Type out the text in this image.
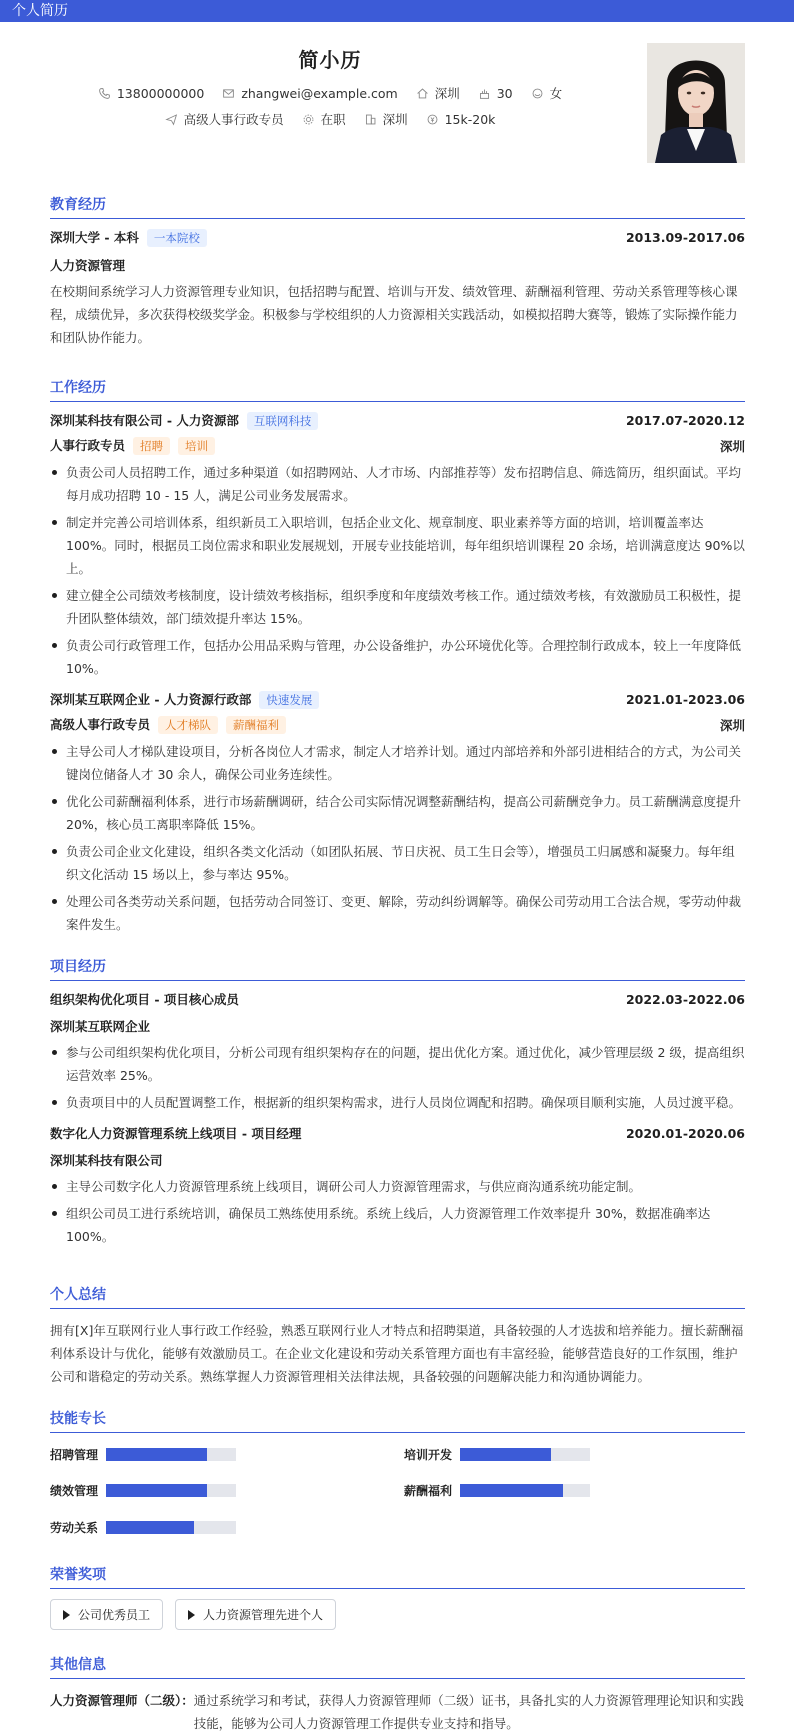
个人简历
简小历
13800000000	zhangwei@example.com	深圳	30	女
高级人事行政专员	在职	深圳	15k-20k
教育经历
深圳大学 - 本科 一本院校	2013.09-2017.06
人力资源管理
在校期间系统学习人力资源管理专业知识，包括招聘与配置、培训与开发、绩效管理、薪酬福利管理、劳动关系管理等核心课程，成绩优异，多次获得校级奖学金。积极参与学校组织的人力资源相关实践活动，如模拟招聘大赛等，锻炼了实际操作能力和团队协作能力。
工作经历
深圳某科技有限公司 - 人力资源部 互联网科技	2017.07-2020.12
人事行政专员 招聘 培训	深圳
负责公司人员招聘工作，通过多种渠道（如招聘网站、人才市场、内部推荐等）发布招聘信息、筛选简历，组织面试。平均每月成功招聘 10 - 15 人，满足公司业务发展需求。
制定并完善公司培训体系，组织新员工入职培训，包括企业文化、规章制度、职业素养等方面的培训，培训覆盖率达 100%。同时，根据员工岗位需求和职业发展规划，开展专业技能培训，每年组织培训课程 20 余场，培训满意度达 90%以上。
建立健全公司绩效考核制度，设计绩效考核指标，组织季度和年度绩效考核工作。通过绩效考核，有效激励员工积极性，提升团队整体绩效，部门绩效提升率达 15%。
负责公司行政管理工作，包括办公用品采购与管理，办公设备维护，办公环境优化等。合理控制行政成本，较上一年度降低 10%。
深圳某互联网企业 - 人力资源行政部 快速发展	2021.01-2023.06
高级人事行政专员 人才梯队 薪酬福利	深圳
主导公司人才梯队建设项目，分析各岗位人才需求，制定人才培养计划。通过内部培养和外部引进相结合的方式，为公司关键岗位储备人才 30 余人，确保公司业务连续性。
优化公司薪酬福利体系，进行市场薪酬调研，结合公司实际情况调整薪酬结构，提高公司薪酬竞争力。员工薪酬满意度提升 20%，核心员工离职率降低 15%。
负责公司企业文化建设，组织各类文化活动（如团队拓展、节日庆祝、员工生日会等），增强员工归属感和凝聚力。每年组织文化活动 15 场以上，参与率达 95%。
处理公司各类劳动关系问题，包括劳动合同签订、变更、解除，劳动纠纷调解等。确保公司劳动用工合法合规，零劳动仲裁案件发生。
项目经历
组织架构优化项目 - 项目核心成员	2022.03-2022.06
深圳某互联网企业
参与公司组织架构优化项目，分析公司现有组织架构存在的问题，提出优化方案。通过优化，减少管理层级 2 级，提高组织运营效率 25%。
负责项目中的人员配置调整工作，根据新的组织架构需求，进行人员岗位调配和招聘。确保项目顺利实施，人员过渡平稳。
数字化人力资源管理系统上线项目 - 项目经理	2020.01-2020.06
深圳某科技有限公司
主导公司数字化人力资源管理系统上线项目，调研公司人力资源管理需求，与供应商沟通系统功能定制。
组织公司员工进行系统培训，确保员工熟练使用系统。系统上线后，人力资源管理工作效率提升 30%，数据准确率达 100%。
个人总结
拥有[X]年互联网行业人事行政工作经验，熟悉互联网行业人才特点和招聘渠道，具备较强的人才选拔和培养能力。擅长薪酬福利体系设计与优化，能够有效激励员工。在企业文化建设和劳动关系管理方面也有丰富经验，能够营造良好的工作氛围，维护公司和谐稳定的劳动关系。熟练掌握人力资源管理相关法律法规，具备较强的问题解决能力和沟通协调能力。
技能专长
招聘管理	培训开发
绩效管理	薪酬福利
劳动关系
荣誉奖项
公司优秀员工
	人力资源管理先进个人
其他信息
人力资源管理师（二级）： 通过系统学习和考试，获得人力资源管理师（二级）证书，具备扎实的人力资源管理理论知识和实践技能，能够为公司人力资源管理工作提供专业支持和指导。
